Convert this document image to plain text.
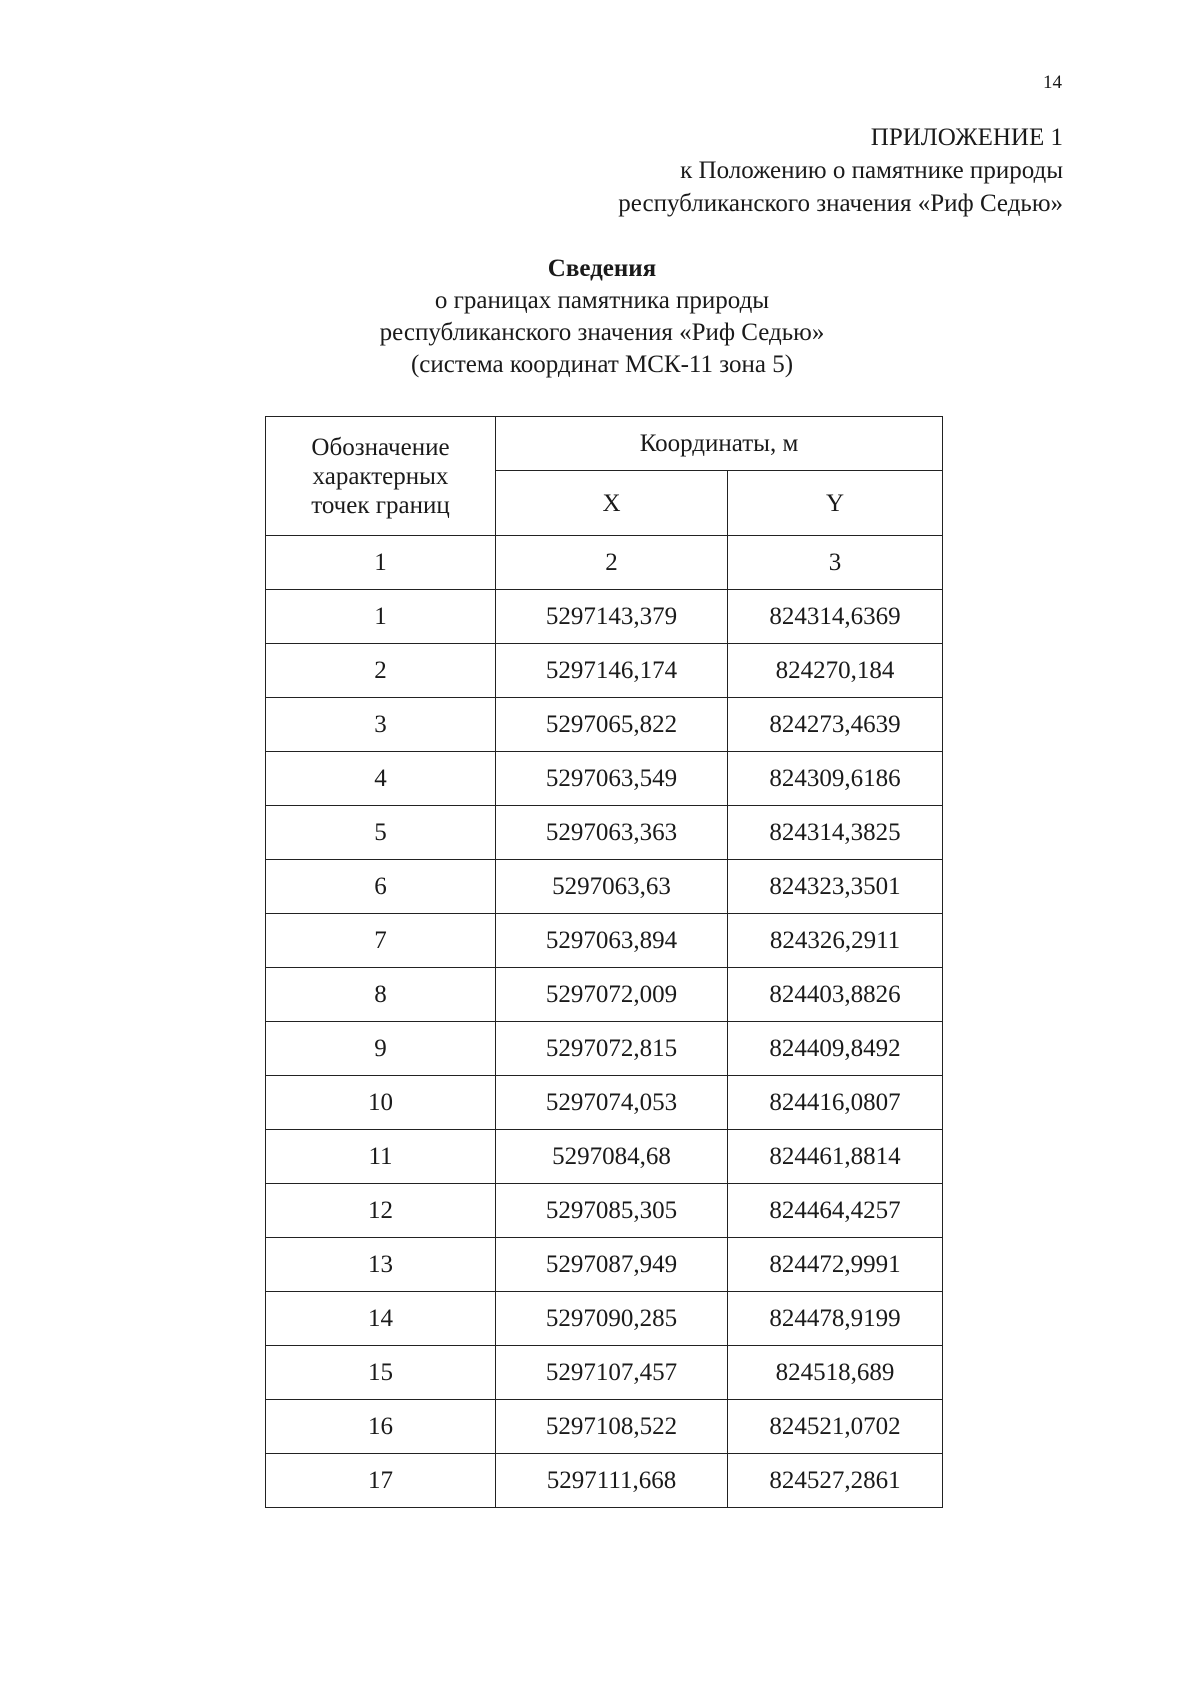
14
ПРИЛОЖЕНИЕ 1
к Положению о памятнике природы
республиканского значения «Риф Седью»
Сведения
о границах памятника природы
республиканского значения «Риф Седью»
(система координат МСК-11 зона 5)
Обозначение
характерных
точек границ	Координаты, м	
	X	Y
1	2	3
1	5297143,379	824314,6369
2	5297146,174	824270,184
3	5297065,822	824273,4639
4	5297063,549	824309,6186
5	5297063,363	824314,3825
6	5297063,63	824323,3501
7	5297063,894	824326,2911
8	5297072,009	824403,8826
9	5297072,815	824409,8492
10	5297074,053	824416,0807
11	5297084,68	824461,8814
12	5297085,305	824464,4257
13	5297087,949	824472,9991
14	5297090,285	824478,9199
15	5297107,457	824518,689
16	5297108,522	824521,0702
17	5297111,668	824527,2861
